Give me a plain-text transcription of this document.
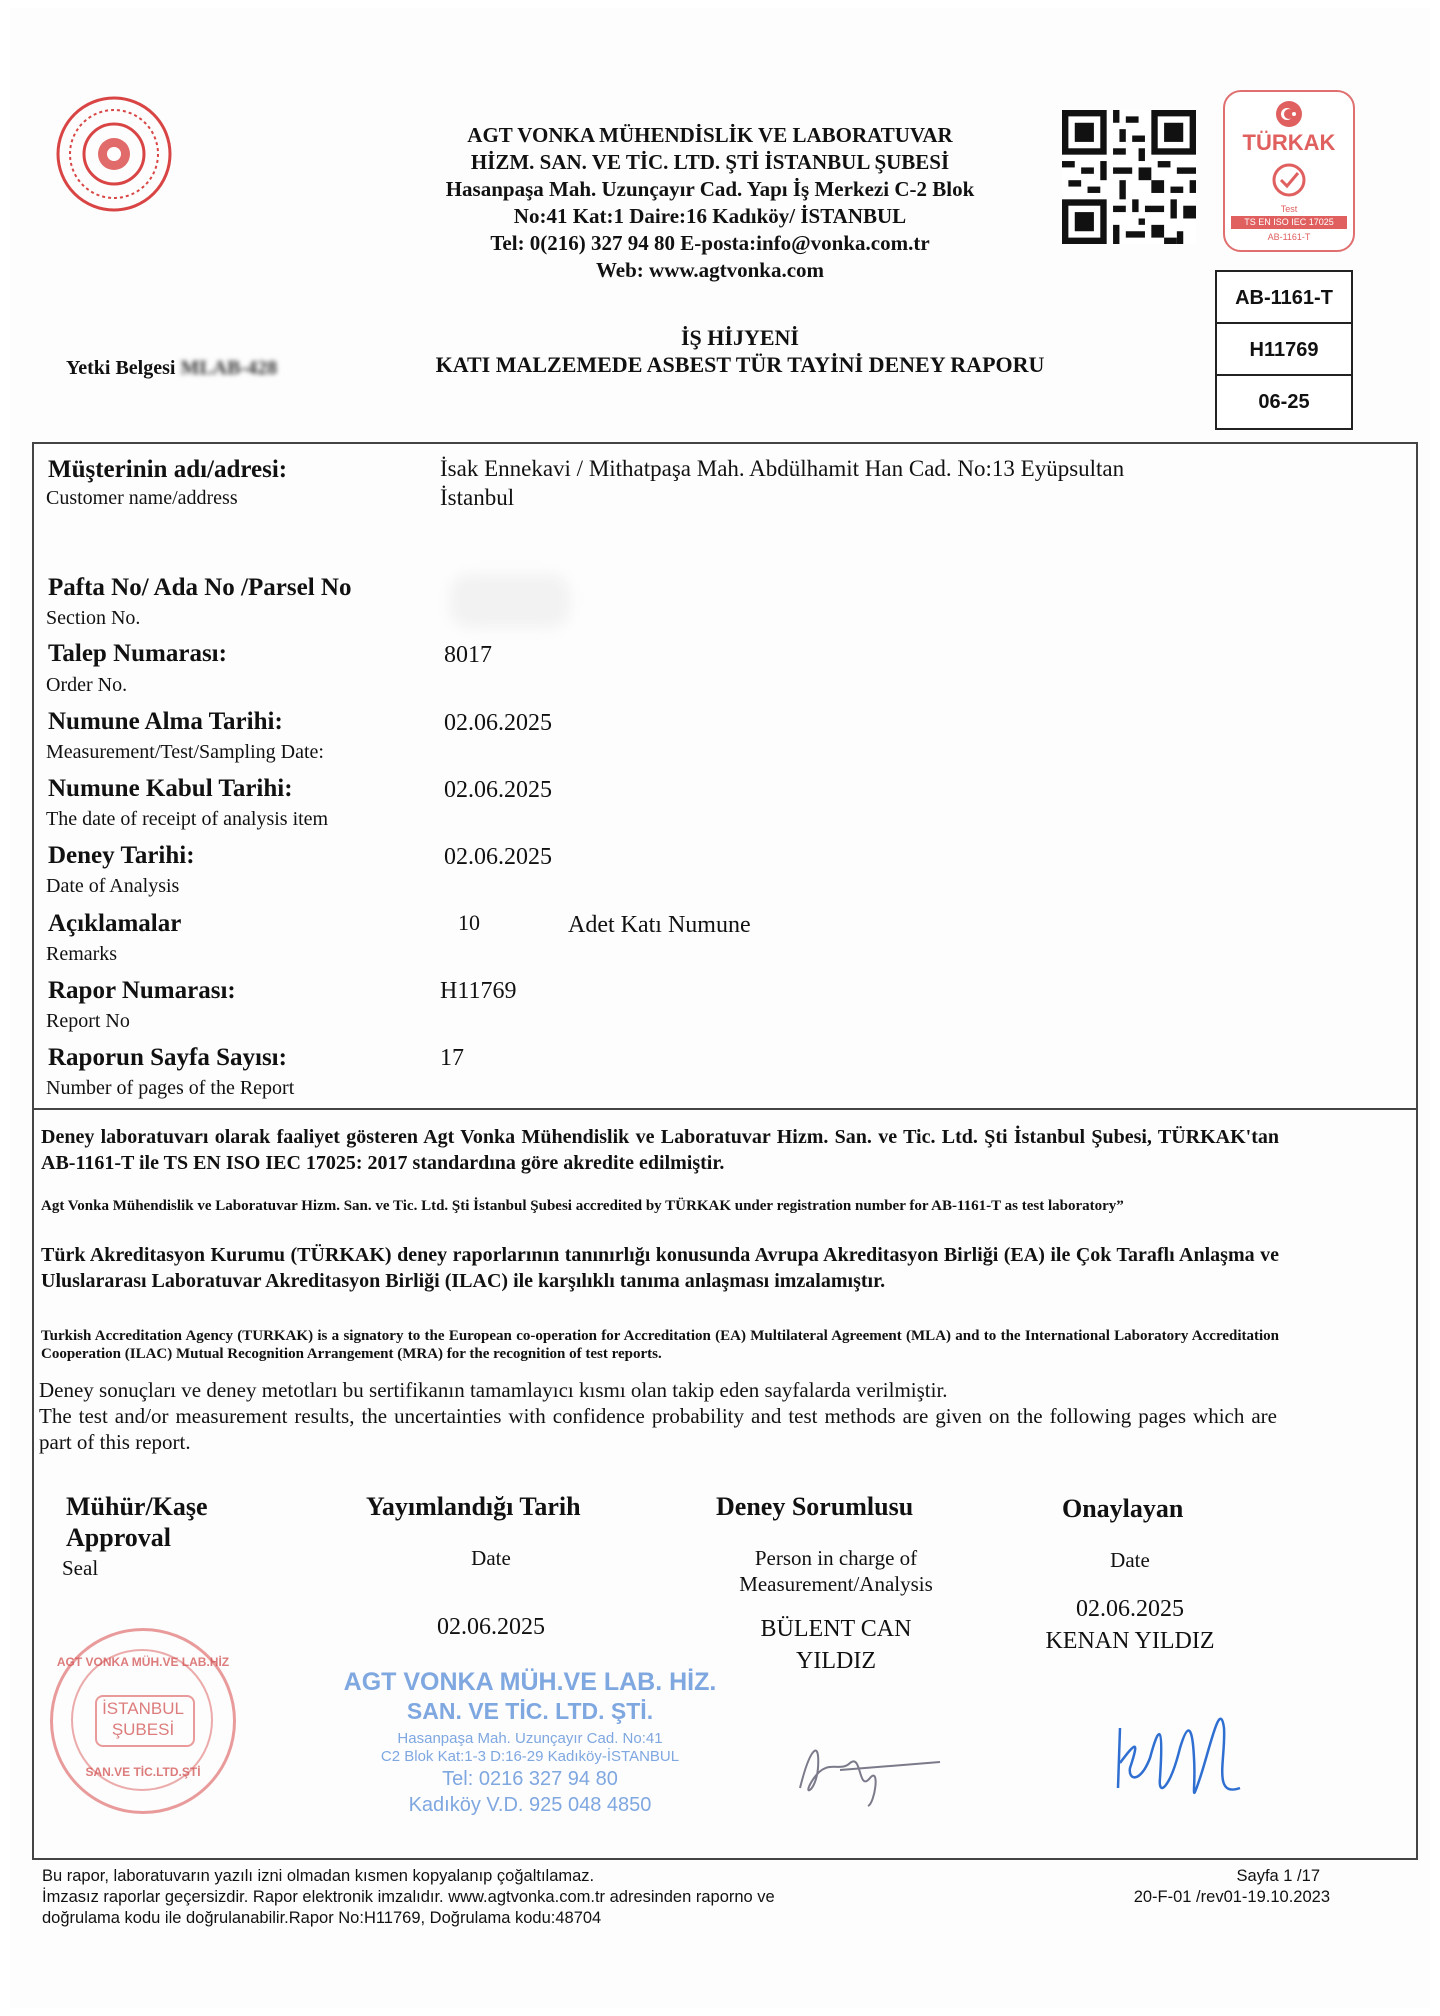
AGT VONKA MÜHENDİSLİK VE LABORATUVAR
HİZM. SAN. VE TİC. LTD. ŞTİ İSTANBUL ŞUBESİ
Hasanpaşa Mah. Uzunçayır Cad. Yapı İş Merkezi C-2 Blok
No:41 Kat:1 Daire:16 Kadıköy/ İSTANBUL
Tel: 0(216) 327 94 80 E-posta:info@vonka.com.tr
Web: www.agtvonka.com
TÜRKAK
Test
TS EN ISO IEC 17025
AB-1161-T
AB-1161-T
H11769
06-25
İŞ HİJYENİ
KATI MALZEMEDE ASBEST TÜR TAYİNİ DENEY RAPORU
Yetki Belgesi MLAB-428
Müşterinin adı/adresi:
Customer name/address
İsak Ennekavi / Mithatpaşa Mah. Abdülhamit Han Cad. No:13 Eyüpsultan
İstanbul
Pafta No/ Ada No /Parsel No
Section No.
Talep Numarası:
Order No.
8017
Numune Alma Tarihi:
Measurement/Test/Sampling Date:
02.06.2025
Numune Kabul Tarihi:
The date of receipt of analysis item
02.06.2025
Deney Tarihi:
Date of Analysis
02.06.2025
Açıklamalar
Remarks
10	Adet Katı Numune
Rapor Numarası:
Report No
H11769
Raporun Sayfa Sayısı:
Number of pages of the Report
17
Deney laboratuvarı olarak faaliyet gösteren Agt Vonka Mühendislik ve Laboratuvar Hizm. San. ve Tic. Ltd. Şti İstanbul Şubesi, TÜRKAK'tan AB-1161-T ile TS EN ISO IEC 17025: 2017 standardına göre akredite edilmiştir.
Agt Vonka Mühendislik ve Laboratuvar Hizm. San. ve Tic. Ltd. Şti İstanbul Şubesi accredited by TÜRKAK under registration number for AB-1161-T as test laboratory”
Türk Akreditasyon Kurumu (TÜRKAK) deney raporlarının tanınırlığı konusunda Avrupa Akreditasyon Birliği (EA) ile Çok Taraflı Anlaşma ve Uluslararası Laboratuvar Akreditasyon Birliği (ILAC) ile karşılıklı tanıma anlaşması imzalamıştır.
Turkish Accreditation Agency (TURKAK) is a signatory to the European co-operation for Accreditation (EA) Multilateral Agreement (MLA) and to the International Laboratory Accreditation Cooperation (ILAC) Mutual Recognition Arrangement (MRA) for the recognition of test reports.
Deney sonuçları ve deney metotları bu sertifikanın tamamlayıcı kısmı olan takip eden sayfalarda verilmiştir.
The test and/or measurement results, the uncertainties with confidence probability and test methods are given on the following pages which are part of this report.
Mühür/Kaşe
Approval
Seal
Yayımlandığı Tarih
Date
02.06.2025
Deney Sorumlusu
Person in charge of
Measurement/Analysis
BÜLENT CAN
YILDIZ
Onaylayan
Date
02.06.2025
KENAN YILDIZ
AGT VONKA MÜH.VE LAB.HİZ
İSTANBUL
ŞUBESİ
SAN.VE TİC.LTD.ŞTİ
AGT VONKA MÜH.VE LAB. HİZ.
SAN. VE TİC. LTD. ŞTİ.
Hasanpaşa Mah. Uzunçayır Cad. No:41
C2 Blok Kat:1-3 D:16-29 Kadıköy-İSTANBUL
Tel: 0216 327 94 80
Kadıköy V.D. 925 048 4850
Bu rapor, laboratuvarın yazılı izni olmadan kısmen kopyalanıp çoğaltılamaz.
İmzasız raporlar geçersizdir. Rapor elektronik imzalıdır. www.agtvonka.com.tr adresinden raporno ve
doğrulama kodu ile doğrulanabilir.Rapor No:H11769, Doğrulama kodu:48704
Sayfa 1 /17
20-F-01 /rev01-19.10.2023
